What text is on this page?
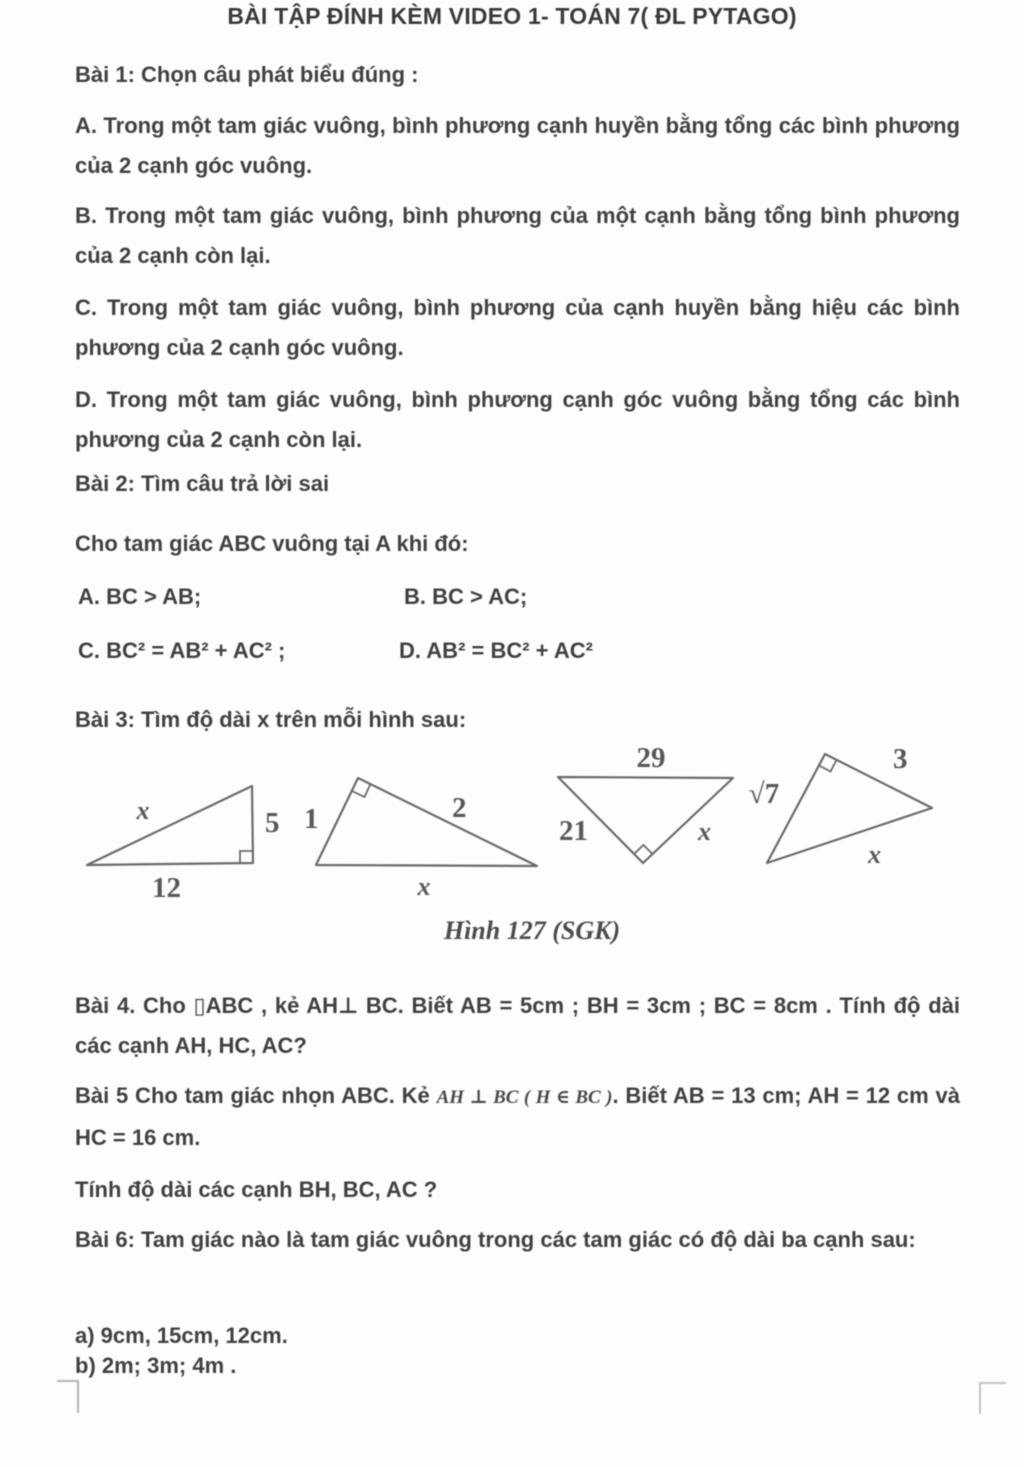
BÀI TẬP ĐÍNH KÈM VIDEO 1- TOÁN 7( ĐL PYTAGO)

Bài 1: Chọn câu phát biểu đúng :

A. Trong một tam giác vuông, bình phương cạnh huyền bằng tổng các bình phương của 2 cạnh góc vuông.

B. Trong một tam giác vuông, bình phương của một cạnh bằng tổng bình phương của 2 cạnh còn lại.

C. Trong một tam giác vuông, bình phương của cạnh huyền bằng hiệu các bình phương của 2 cạnh góc vuông.

D. Trong một tam giác vuông, bình phương cạnh góc vuông bằng tổng các bình phương của 2 cạnh còn lại.

Bài 2: Tìm câu trả lời sai

Cho tam giác ABC vuông tại A khi đó:

A. BC > AB;	B. BC > AC;
C. BC² = AB² + AC² ;	D. AB² = BC² + AC²

Bài 3: Tìm độ dài x trên mỗi hình sau:

x	5
12
1	2
x
29
21	x
√7
3
x

Hình 127 (SGK)

Bài 4. Cho ▯ABC , kẻ AH⊥ BC. Biết AB = 5cm ; BH = 3cm ; BC = 8cm . Tính độ dài các cạnh AH, HC, AC?

Bài 5 Cho tam giác nhọn ABC. Kẻ AH ⊥ BC ( H ∈ BC ). Biết AB = 13 cm; AH = 12 cm và HC = 16 cm.

Tính độ dài các cạnh BH, BC, AC ?

Bài 6: Tam giác nào là tam giác vuông trong các tam giác có độ dài ba cạnh sau:

a) 9cm, 15cm, 12cm.

b) 2m; 3m; 4m .
